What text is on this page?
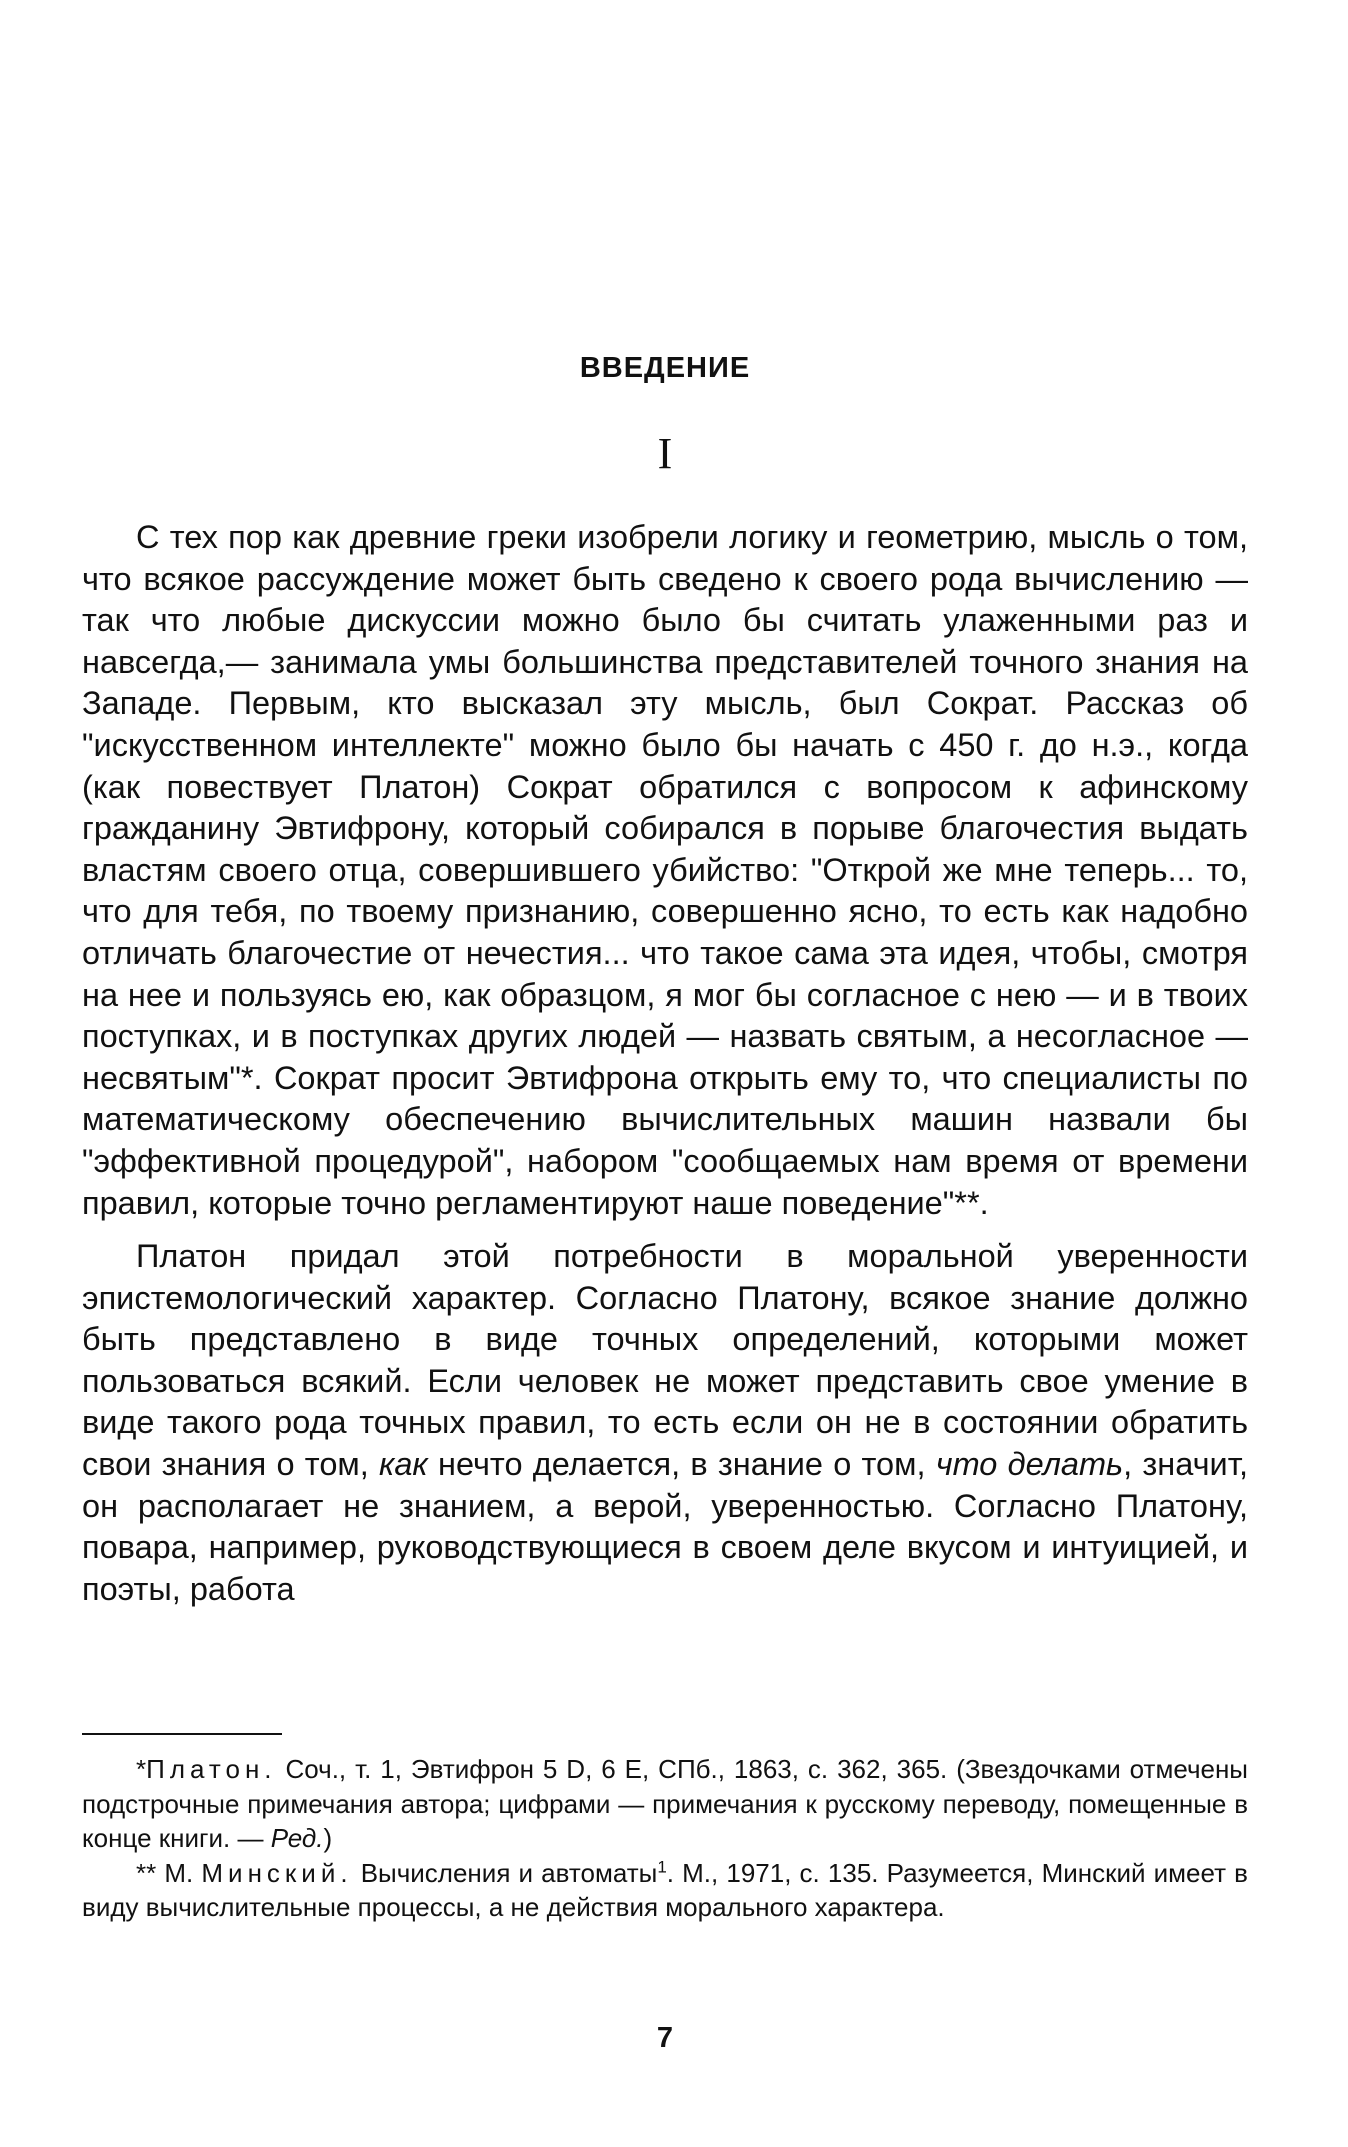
ВВЕДЕНИЕ
I

С тех пор как древние греки изобрели логику и геометрию, мысль о том, что всякое рассуждение может быть сведено к своего рода вычислению — так что любые дискуссии можно было бы считать улаженными раз и навсегда,— занимала умы большинства представителей точного знания на Западе. Первым, кто высказал эту мысль, был Сократ. Рассказ об "искусственном интеллекте" можно было бы начать с 450 г. до н.э., когда (как повествует Платон) Сократ обратился с вопросом к афинскому гражданину Эвтифрону, который собирался в порыве благочестия выдать властям своего отца, совершившего убийство: "Открой же мне теперь... то, что для тебя, по твоему признанию, совершенно ясно, то есть как надобно отличать благочестие от нечестия... что такое сама эта идея, чтобы, смотря на нее и пользуясь ею, как образцом, я мог бы согласное с нею — и в твоих поступках, и в поступках других людей — назвать святым, а несогласное — несвятым"*. Сократ просит Эвтифрона открыть ему то, что специалисты по математическому обеспечению вычислительных машин назвали бы "эффективной процедурой", набором "сообщаемых нам время от времени правил, которые точно регламентируют наше поведение"**.

Платон придал этой потребности в моральной уверенности эпистемологический характер. Согласно Платону, всякое знание должно быть представлено в виде точных определений, которыми может пользоваться всякий. Если человек не может представить свое умение в виде такого рода точных правил, то есть если он не в состоянии обратить свои знания о том, как нечто делается, в знание о том, что делать, значит, он располагает не знанием, а верой, уверенностью. Согласно Платону, повара, например, руководствующиеся в своем деле вкусом и интуицией, и поэты, работа

*Платон. Соч., т. 1, Эвтифрон 5 D, 6 Е, СПб., 1863, с. 362, 365. (Звездочками отмечены подстрочные примечания автора; цифрами — примечания к русскому переводу, помещенные в конце книги. — Ред.)

** М. Минский. Вычисления и автоматы$^1$. М., 1971, с. 135. Разумеется, Минский имеет в виду вычислительные процессы, а не действия морального характера.

7
